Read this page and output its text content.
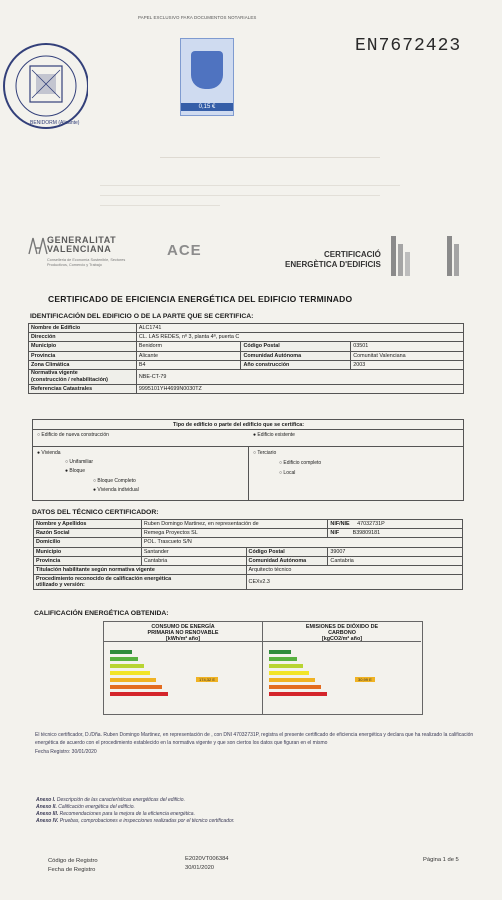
PAPEL EXCLUSIVO PARA DOCUMENTOS NOTARIALES
BENIDORM (Alicante)
0,15 €
EN7672423
GENERALITAT
VALENCIANA
Conselleria de Economía Sostenible, Sectores Productivos, Comercio y Trabajo
ACE	CERTIFICACIÓ
ENERGÈTICA D'EDIFICIS
CERTIFICADO DE EFICIENCIA ENERGÉTICA DEL EDIFICIO TERMINADO
IDENTIFICACIÓN DEL EDIFICIO O DE LA PARTE QUE SE CERTIFICA:
Nombre de Edificio	ALC1741		
Dirección	CL. LAS REDES, nº 3, planta 4ª, puerta C		
Municipio	Benidorm	Código Postal	03501
Provincia	Alicante	Comunidad Autónoma	Comunitat Valenciana
Zona Climática	B4	Año construcción	2003

Normativa vigente
(construcción / rehabilitación)	NBE-CT-79		
Referencias Catastrales	9995101YH4699N0030TZ		
Tipo de edificio o parte del edificio que se certifica:
○ Edificio de nueva construcción	● Edificio existente
● Vivienda
○ Unifamiliar
● Bloque
○ Bloque Completo
● Vivienda individual
○ Terciario
○ Edificio completo
○ Local
DATOS DEL TÉCNICO CERTIFICADOR:
Nombre y Apellidos	Ruben Domingo Martinez, en representación de		NIF/NIE 47032731P
Razón Social	Remega Proyectos SL		NIF B39809181
Domicilio	POL. Trascueto S/N		
Municipio	Santander	Código Postal	39007
Provincia	Cantabria	Comunidad Autónoma	Cantabria
Titulación habilitante según normativa vigente		Arquitecto técnico	

Procedimiento reconocido de calificación energética
utilizado y versión:		CEXv2.3	
CALIFICACIÓN ENERGÉTICA OBTENIDA:
CONSUMO DE ENERGÍA
PRIMARIA NO RENOVABLE
[kWh/m² año]
174,32 E
EMISIONES DE DIÓXIDO DE
CARBONO
[kgCO2/m² año]
30,99 E
El técnico certificador, D./Dña. Ruben Domingo Martinez, en representación de , con DNI 47032731P, registra el presente certificado de eficiencia energética y declara que ha realizado la calificación energética de acuerdo con el procedimiento establecido en la normativa vigente y que son ciertos los datos que figuran en el mismo
Fecha Registro: 30/01/2020
Anexo I. Descripción de las características energéticas del edificio.
Anexo II. Calificación energética del edificio.
Anexo III. Recomendaciones para la mejora de la eficiencia energética.
Anexo IV. Pruebas, comprobaciones e inspecciones realizadas por el técnico certificador.
Código de Registro
Fecha de Registro
E2020VT006384
30/01/2020
Página 1 de 5
